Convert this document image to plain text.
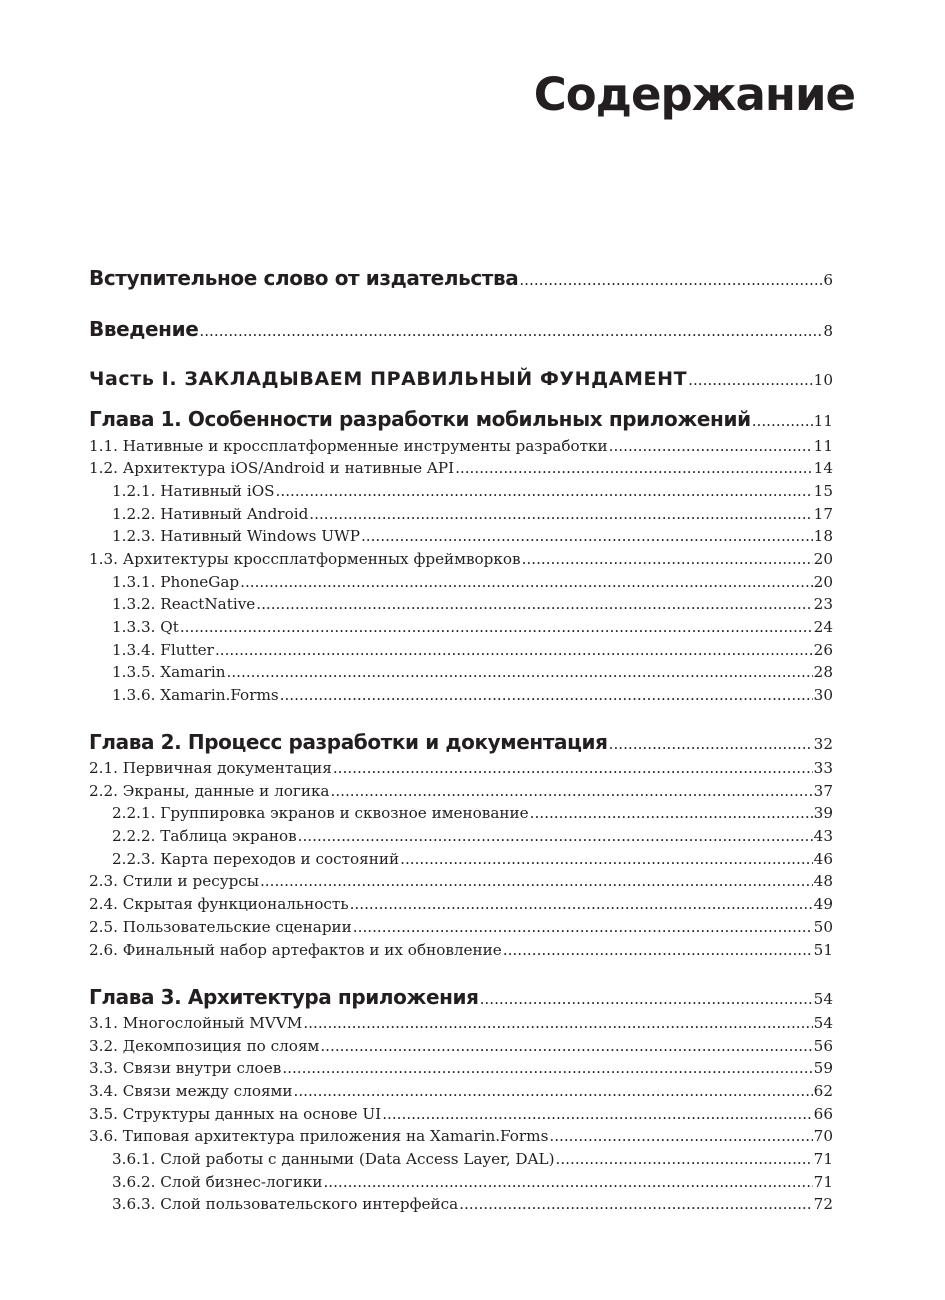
Содержание
Вступительное слово от издательства .....	6
Введение .....	8
Часть I. ЗАКЛАДЫВАЕМ ПРАВИЛЬНЫЙ ФУНДАМЕНТ .....	10
Глава 1. Особенности разработки мобильных приложений .....	11
1.1. Нативные и кроссплатформенные инструменты разработки .....	11
1.2. Архитектура iOS/Android и нативные API .....	14
1.2.1. Нативный iOS .....	15
1.2.2. Нативный Android .....	17
1.2.3. Нативный Windows UWP .....	18
1.3. Архитектуры кроссплатформенных фреймворков .....	20
1.3.1. PhoneGap .....	20
1.3.2. ReactNative .....	23
1.3.3. Qt .....	24
1.3.4. Flutter .....	26
1.3.5. Xamarin .....	28
1.3.6. Xamarin.Forms .....	30
Глава 2. Процесс разработки и документация .....	32
2.1. Первичная документация .....	33
2.2. Экраны, данные и логика .....	37
2.2.1. Группировка экранов и сквозное именование .....	39
2.2.2. Таблица экранов .....	43
2.2.3. Карта переходов и состояний .....	46
2.3. Стили и ресурсы .....	48
2.4. Скрытая функциональность .....	49
2.5. Пользовательские сценарии .....	50
2.6. Финальный набор артефактов и их обновление .....	51
Глава 3. Архитектура приложения .....	54
3.1. Многослойный MVVM .....	54
3.2. Декомпозиция по слоям .....	56
3.3. Связи внутри слоев .....	59
3.4. Связи между слоями .....	62
3.5. Структуры данных на основе UI .....	66
3.6. Типовая архитектура приложения на Xamarin.Forms .....	70
3.6.1. Слой работы с данными (Data Access Layer, DAL) .....	71
3.6.2. Слой бизнес-логики .....	71
3.6.3. Слой пользовательского интерфейса .....	72
